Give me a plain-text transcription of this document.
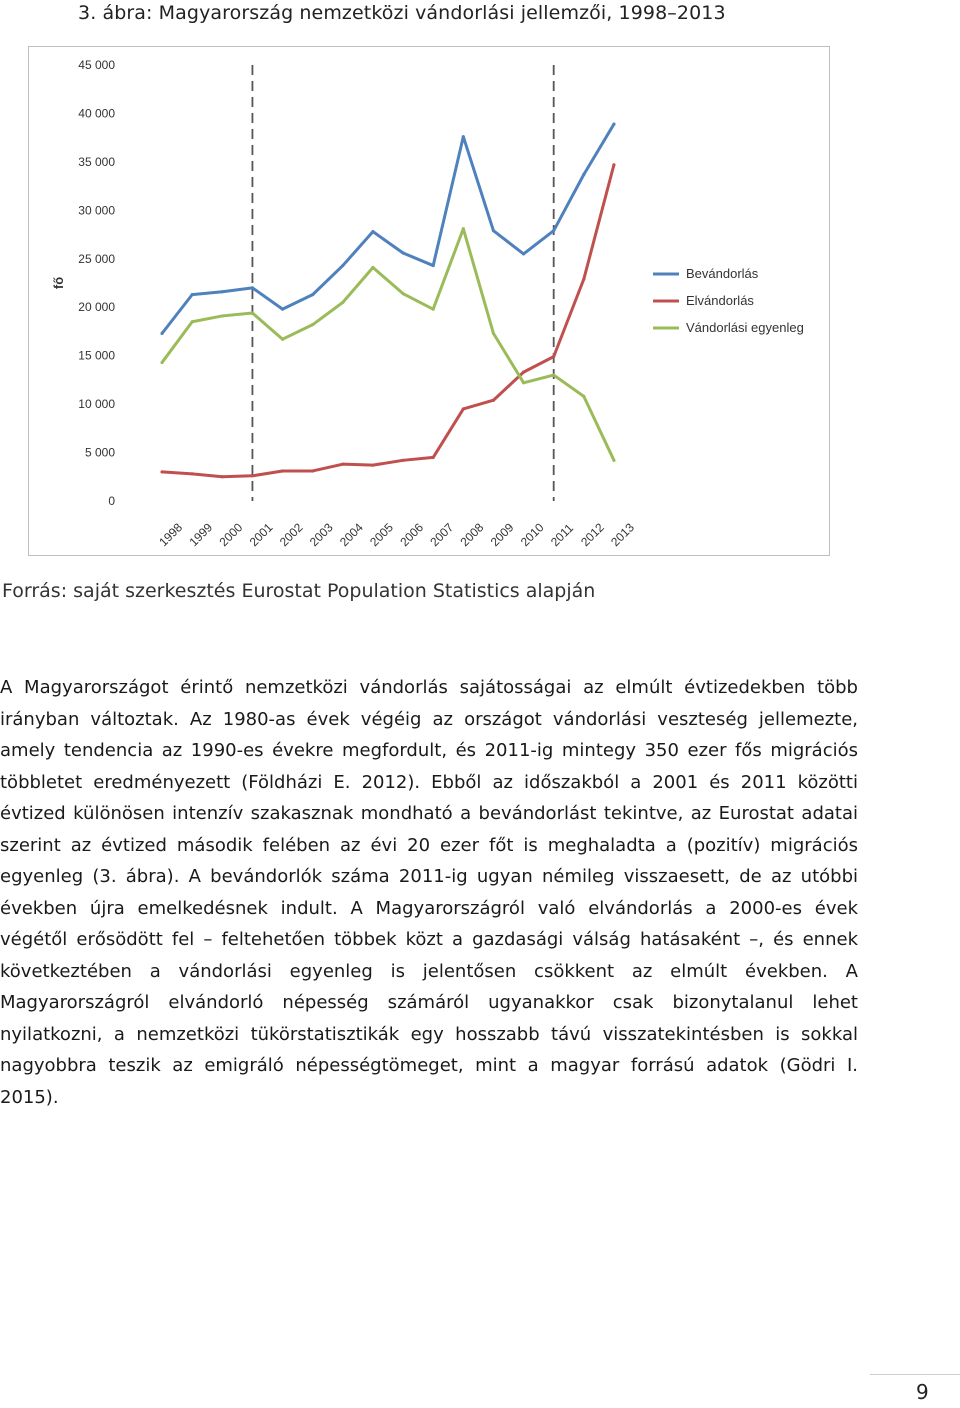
3. ábra: Magyarország nemzetközi vándorlási jellemzői, 1998–2013
0
5 000
10 000
15 000
20 000
25 000
30 000
35 000
40 000
45 000
fő
1998 1999 2000 2001 2002 2003 2004 2005 2006 2007 2008 2009 2010 2011 2012 2013
Bevándorlás
Elvándorlás
Vándorlási egyenleg
Forrás: saját szerkesztés Eurostat Population Statistics alapján

A Magyarországot érintő nemzetközi vándorlás sajátosságai az elmúlt évtizedekben több irányban változtak. Az 1980-as évek végéig az országot vándorlási veszteség jellemezte, amely tendencia az 1990-es évekre megfordult, és 2011-ig mintegy 350 ezer fős migrációs többletet eredményezett (Földházi E. 2012). Ebből az időszakból a 2001 és 2011 közötti évtized különösen intenzív szakasznak mondható a bevándorlást tekintve, az Eurostat adatai szerint az évtized második felében az évi 20 ezer főt is meghaladta a (pozitív) migrációs egyenleg (3. ábra). A bevándorlók száma 2011-ig ugyan némileg visszaesett, de az utóbbi években újra emelkedésnek indult. A Magyarországról való elvándorlás a 2000-es évek végétől erősödött fel – feltehetően többek közt a gazdasági válság hatásaként –, és ennek következtében a vándorlási egyenleg is jelentősen csökkent az elmúlt években. A Magyarországról elvándorló népesség számáról ugyanakkor csak bizonytalanul lehet nyilatkozni, a nemzetközi tükörstatisztikák egy hosszabb távú visszatekintésben is sokkal nagyobbra teszik az emigráló népességtömeget, mint a magyar forrású adatok (Gödri I. 2015).

9
